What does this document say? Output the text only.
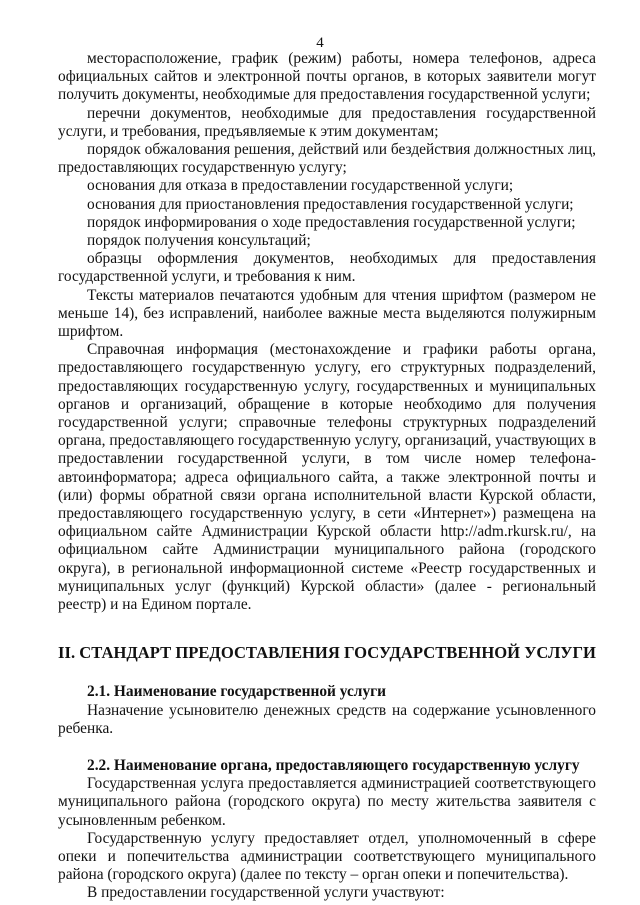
4

месторасположение, график (режим) работы, номера телефонов, адреса официальных сайтов и электронной почты органов, в которых заявители могут получить документы, необходимые для предоставления государственной услуги;

перечни документов, необходимые для предоставления государственной услуги, и требования, предъявляемые к этим документам;

порядок обжалования решения, действий или бездействия должностных лиц, предоставляющих государственную услугу;

основания для отказа в предоставлении государственной услуги;

основания для приостановления предоставления государственной услуги;

порядок информирования о ходе предоставления государственной услуги;

порядок получения консультаций;

образцы оформления документов, необходимых для предоставления государственной услуги, и требования к ним.

Тексты материалов печатаются удобным для чтения шрифтом (размером не меньше 14), без исправлений, наиболее важные места выделяются полужирным шрифтом.

Справочная информация (местонахождение и графики работы органа, предоставляющего государственную услугу, его структурных подразделений, предоставляющих государственную услугу, государственных и муниципальных органов и организаций, обращение в которые необходимо для получения государственной услуги; справочные телефоны структурных подразделений органа, предоставляющего государственную услугу, организаций, участвующих в предоставлении государственной услуги, в том числе номер телефона-автоинформатора; адреса официального сайта, а также электронной почты и (или) формы обратной связи органа исполнительной власти Курской области, предоставляющего государственную услугу, в сети «Интернет») размещена на официальном сайте Администрации Курской области http://adm.rkursk.ru/, на официальном сайте Администрации муниципального района (городского округа), в региональной информационной системе «Реестр государственных и муниципальных услуг (функций) Курской области» (далее - региональный реестр) и на Едином портале.

II. СТАНДАРТ ПРЕДОСТАВЛЕНИЯ ГОСУДАРСТВЕННОЙ УСЛУГИ

2.1. Наименование государственной услуги

Назначение усыновителю денежных средств на содержание усыновленного ребенка.

2.2. Наименование органа, предоставляющего государственную услугу

Государственная услуга предоставляется администрацией соответствующего муниципального района (городского округа) по месту жительства заявителя с усыновленным ребенком.

Государственную услугу предоставляет отдел, уполномоченный в сфере опеки и попечительства администрации соответствующего муниципального района (городского округа) (далее по тексту – орган опеки и попечительства).

В предоставлении государственной услуги участвуют:
